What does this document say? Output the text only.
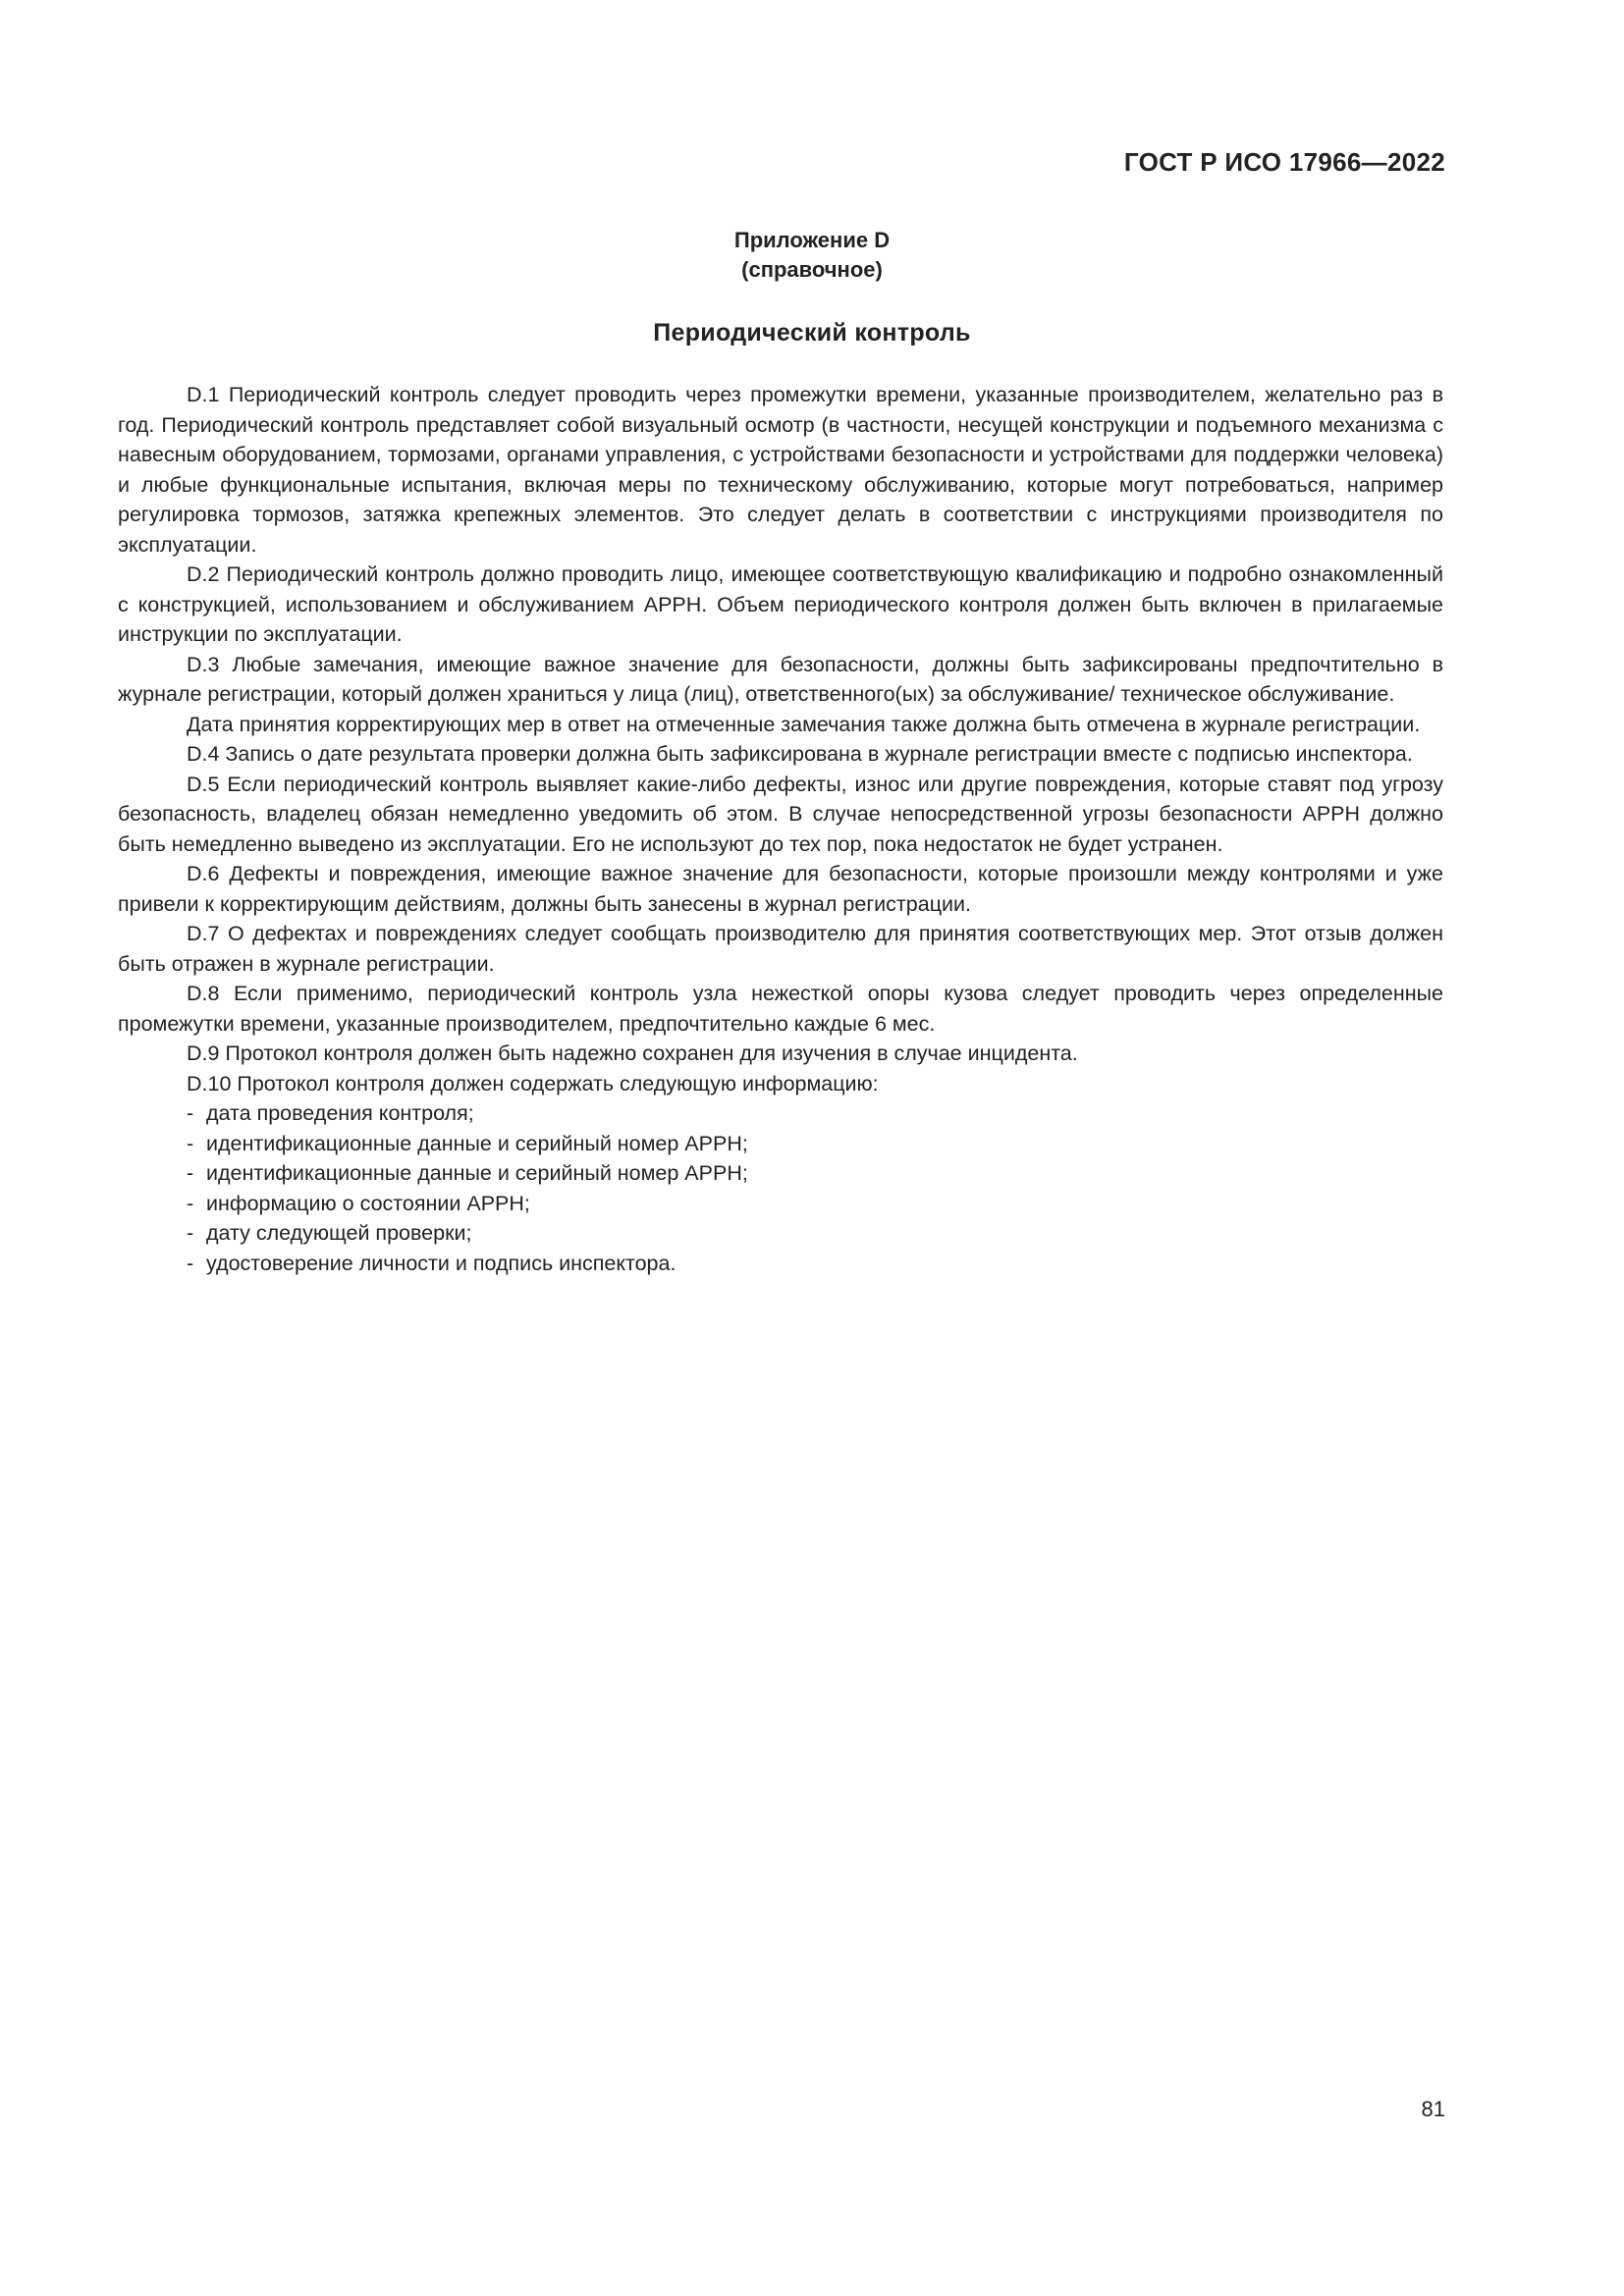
ГОСТ Р ИСО 17966—2022
Приложение D
(справочное)
Периодический контроль

D.1 Периодический контроль следует проводить через промежутки времени, указанные производителем, желательно раз в год. Периодический контроль представляет собой визуальный осмотр (в частности, несущей конструкции и подъемного механизма с навесным оборудованием, тормозами, органами управления, с устройствами безопасности и устройствами для поддержки человека) и любые функциональные испытания, включая меры по техническому обслуживанию, которые могут потребоваться, например регулировка тормозов, затяжка крепежных элементов. Это следует делать в соответствии с инструкциями производителя по эксплуатации.

D.2 Периодический контроль должно проводить лицо, имеющее соответствующую квалификацию и подробно ознакомленный с конструкцией, использованием и обслуживанием АРРН. Объем периодического контроля должен быть включен в прилагаемые инструкции по эксплуатации.

D.3 Любые замечания, имеющие важное значение для безопасности, должны быть зафиксированы предпочтительно в журнале регистрации, который должен храниться у лица (лиц), ответственного(ых) за обслуживание/ техническое обслуживание.

Дата принятия корректирующих мер в ответ на отмеченные замечания также должна быть отмечена в журнале регистрации.

D.4 Запись о дате результата проверки должна быть зафиксирована в журнале регистрации вместе с подписью инспектора.

D.5 Если периодический контроль выявляет какие-либо дефекты, износ или другие повреждения, которые ставят под угрозу безопасность, владелец обязан немедленно уведомить об этом. В случае непосредственной угрозы безопасности АРРН должно быть немедленно выведено из эксплуатации. Его не используют до тех пор, пока недостаток не будет устранен.

D.6 Дефекты и повреждения, имеющие важное значение для безопасности, которые произошли между контролями и уже привели к корректирующим действиям, должны быть занесены в журнал регистрации.

D.7 О дефектах и повреждениях следует сообщать производителю для принятия соответствующих мер. Этот отзыв должен быть отражен в журнале регистрации.

D.8 Если применимо, периодический контроль узла нежесткой опоры кузова следует проводить через определенные промежутки времени, указанные производителем, предпочтительно каждые 6 мес.

D.9 Протокол контроля должен быть надежно сохранен для изучения в случае инцидента.

D.10 Протокол контроля должен содержать следующую информацию:

- дата проведения контроля;
- идентификационные данные и серийный номер АРРН;
- идентификационные данные и серийный номер АРРН;
- информацию о состоянии АРРН;
- дату следующей проверки;
- удостоверение личности и подпись инспектора.
81
